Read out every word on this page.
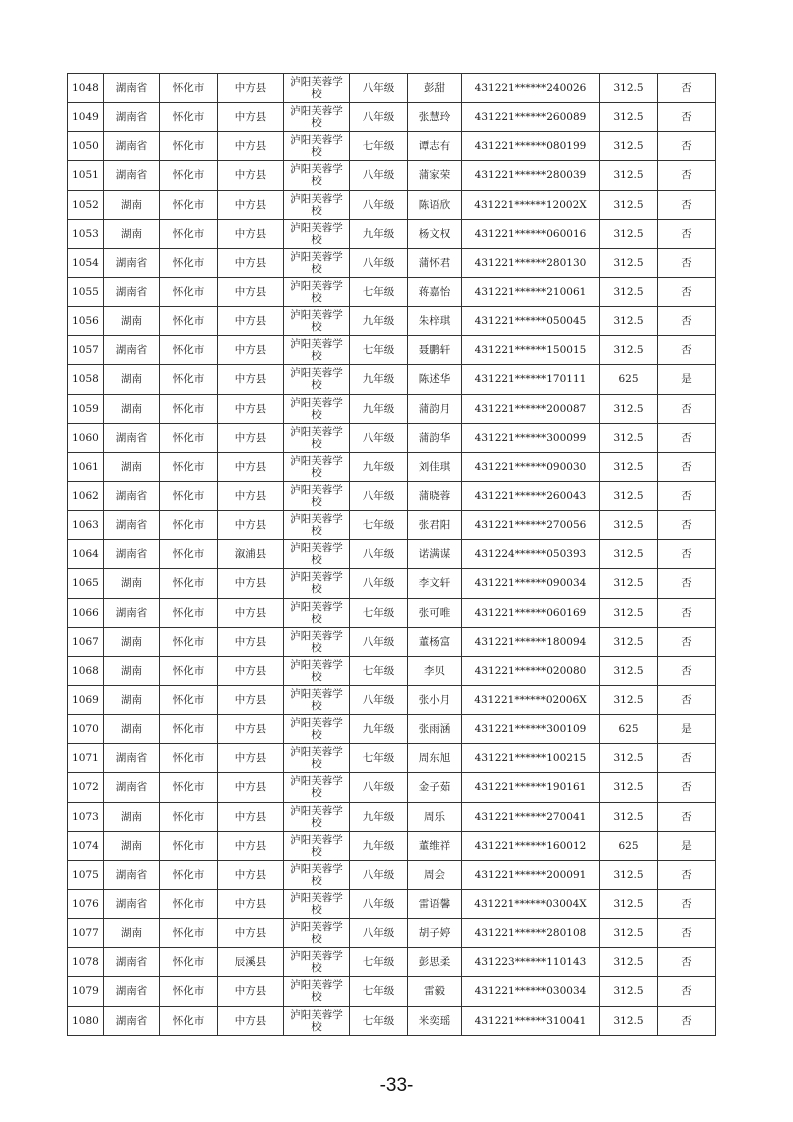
1048	湖南省	怀化市	中方县	泸阳芙蓉学校	八年级	彭甜	431221******240026	312.5	否
1049	湖南省	怀化市	中方县	泸阳芙蓉学校	八年级	张慧玲	431221******260089	312.5	否
1050	湖南省	怀化市	中方县	泸阳芙蓉学校	七年级	谭志有	431221******080199	312.5	否
1051	湖南省	怀化市	中方县	泸阳芙蓉学校	八年级	蒲家荣	431221******280039	312.5	否
1052	湖南	怀化市	中方县	泸阳芙蓉学校	八年级	陈语欣	431221******12002X	312.5	否
1053	湖南	怀化市	中方县	泸阳芙蓉学校	九年级	杨文权	431221******060016	312.5	否
1054	湖南省	怀化市	中方县	泸阳芙蓉学校	八年级	蒲怀君	431221******280130	312.5	否
1055	湖南省	怀化市	中方县	泸阳芙蓉学校	七年级	蒋嘉怡	431221******210061	312.5	否
1056	湖南	怀化市	中方县	泸阳芙蓉学校	九年级	朱梓琪	431221******050045	312.5	否
1057	湖南省	怀化市	中方县	泸阳芙蓉学校	七年级	聂鹏轩	431221******150015	312.5	否
1058	湖南	怀化市	中方县	泸阳芙蓉学校	九年级	陈述华	431221******170111	625	是
1059	湖南	怀化市	中方县	泸阳芙蓉学校	九年级	蒲韵月	431221******200087	312.5	否
1060	湖南省	怀化市	中方县	泸阳芙蓉学校	八年级	蒲韵华	431221******300099	312.5	否
1061	湖南	怀化市	中方县	泸阳芙蓉学校	九年级	刘佳琪	431221******090030	312.5	否
1062	湖南省	怀化市	中方县	泸阳芙蓉学校	八年级	蒲晓蓉	431221******260043	312.5	否
1063	湖南省	怀化市	中方县	泸阳芙蓉学校	七年级	张君阳	431221******270056	312.5	否
1064	湖南省	怀化市	溆浦县	泸阳芙蓉学校	八年级	诺满谋	431224******050393	312.5	否
1065	湖南	怀化市	中方县	泸阳芙蓉学校	八年级	李文轩	431221******090034	312.5	否
1066	湖南省	怀化市	中方县	泸阳芙蓉学校	七年级	张可唯	431221******060169	312.5	否
1067	湖南	怀化市	中方县	泸阳芙蓉学校	八年级	董杨富	431221******180094	312.5	否
1068	湖南	怀化市	中方县	泸阳芙蓉学校	七年级	李贝	431221******020080	312.5	否
1069	湖南	怀化市	中方县	泸阳芙蓉学校	八年级	张小月	431221******02006X	312.5	否
1070	湖南	怀化市	中方县	泸阳芙蓉学校	九年级	张雨涵	431221******300109	625	是
1071	湖南省	怀化市	中方县	泸阳芙蓉学校	七年级	周东旭	431221******100215	312.5	否
1072	湖南省	怀化市	中方县	泸阳芙蓉学校	八年级	金子茹	431221******190161	312.5	否
1073	湖南	怀化市	中方县	泸阳芙蓉学校	九年级	周乐	431221******270041	312.5	否
1074	湖南	怀化市	中方县	泸阳芙蓉学校	九年级	董维祥	431221******160012	625	是
1075	湖南省	怀化市	中方县	泸阳芙蓉学校	八年级	周会	431221******200091	312.5	否
1076	湖南省	怀化市	中方县	泸阳芙蓉学校	八年级	雷语馨	431221******03004X	312.5	否
1077	湖南	怀化市	中方县	泸阳芙蓉学校	八年级	胡子婷	431221******280108	312.5	否
1078	湖南省	怀化市	辰溪县	泸阳芙蓉学校	七年级	彭思柔	431223******110143	312.5	否
1079	湖南省	怀化市	中方县	泸阳芙蓉学校	七年级	雷毅	431221******030034	312.5	否
1080	湖南省	怀化市	中方县	泸阳芙蓉学校	七年级	米奕瑶	431221******310041	312.5	否
-33-
